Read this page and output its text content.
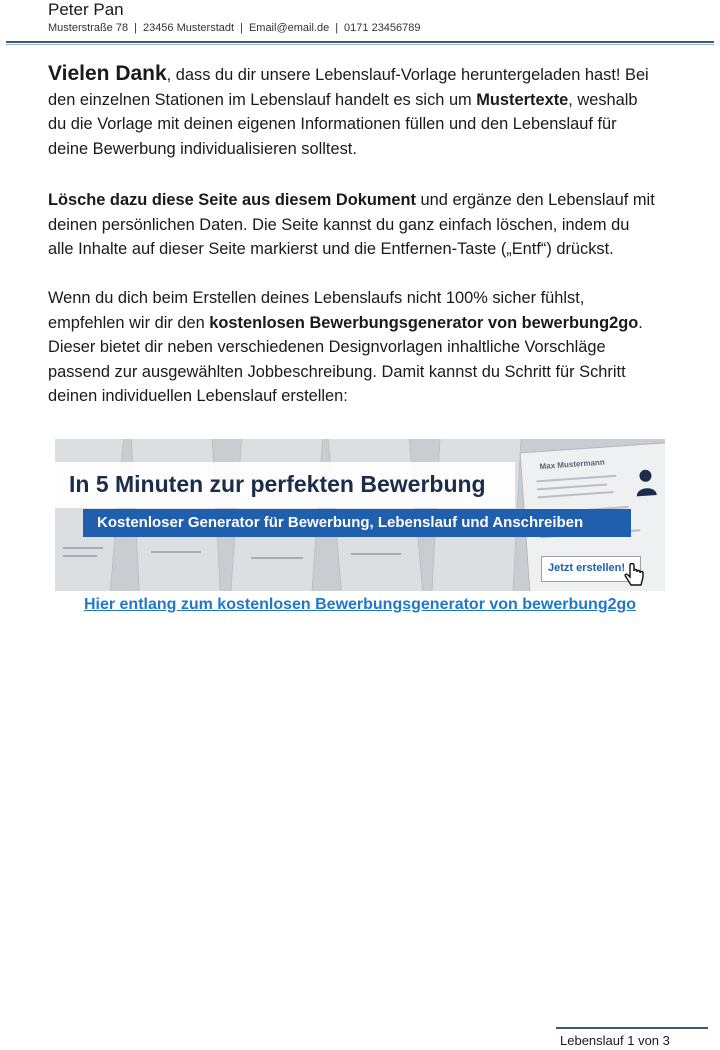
Peter Pan
Musterstraße 78 | 23456 Musterstadt | Email@email.de | 0171 23456789
Vielen Dank, dass du dir unsere Lebenslauf-Vorlage heruntergeladen hast! Bei
den einzelnen Stationen im Lebenslauf handelt es sich um Mustertexte, weshalb
du die Vorlage mit deinen eigenen Informationen füllen und den Lebenslauf für
deine Bewerbung individualisieren solltest.
Lösche dazu diese Seite aus diesem Dokument und ergänze den Lebenslauf mit
deinen persönlichen Daten. Die Seite kannst du ganz einfach löschen, indem du
alle Inhalte auf dieser Seite markierst und die Entfernen-Taste („Entf“) drückst.
Wenn du dich beim Erstellen deines Lebenslaufs nicht 100% sicher fühlst,
empfehlen wir dir den kostenlosen Bewerbungsgenerator von bewerbung2go.
Dieser bietet dir neben verschiedenen Designvorlagen inhaltliche Vorschläge
passend zur ausgewählten Jobbeschreibung. Damit kannst du Schritt für Schritt
deinen individuellen Lebenslauf erstellen:
Max Mustermann
In 5 Minuten zur perfekten Bewerbung
Kostenloser Generator für Bewerbung, Lebenslauf und Anschreiben
Jetzt erstellen!
Hier entlang zum kostenlosen Bewerbungsgenerator von bewerbung2go
Lebenslauf 1 von 3
